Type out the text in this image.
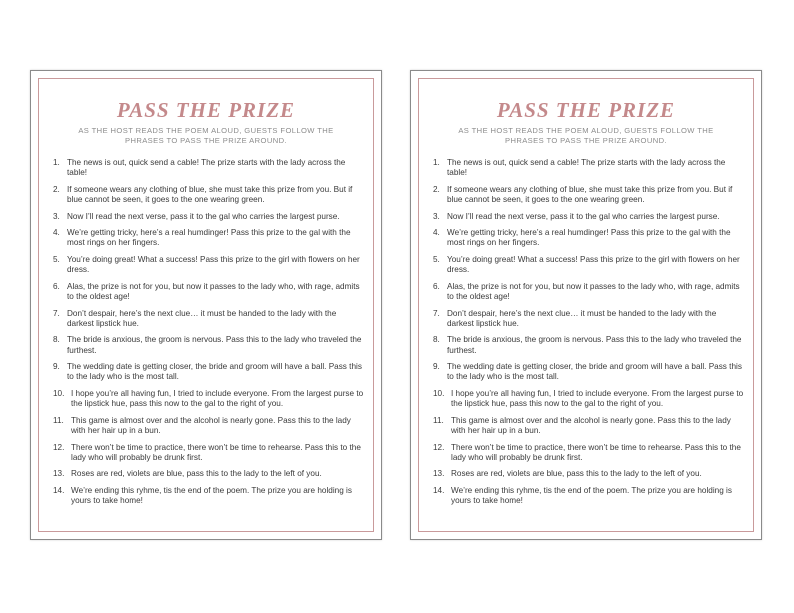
PASS THE PRIZE

AS THE HOST READS THE POEM ALOUD, GUESTS FOLLOW THE PHRASES TO PASS THE PRIZE AROUND.

1. The news is out, quick send a cable! The prize starts with the lady across the table!
2. If someone wears any clothing of blue, she must take this prize from you. But if blue cannot be seen, it goes to the one wearing green.
3. Now I’ll read the next verse, pass it to the gal who carries the largest purse.
4. We’re getting tricky, here’s a real humdinger! Pass this prize to the gal with the most rings on her fingers.
5. You’re doing great! What a success! Pass this prize to the girl with flowers on her dress.
6. Alas, the prize is not for you, but now it passes to the lady who, with rage, admits to the oldest age!
7. Don’t despair, here’s the next clue… it must be handed to the lady with the darkest lipstick hue.
8. The bride is anxious, the groom is nervous. Pass this to the lady who traveled the furthest.
9. The wedding date is getting closer, the bride and groom will have a ball. Pass this to the lady who is the most tall.
10. I hope you’re all having fun, I tried to include everyone. From the largest purse to the lipstick hue, pass this now to the gal to the right of you.
11. This game is almost over and the alcohol is nearly gone. Pass this to the lady with her hair up in a bun.
12. There won’t be time to practice, there won’t be time to rehearse. Pass this to the lady who will probably be drunk first.
13. Roses are red, violets are blue, pass this to the lady to the left of you.
14. We’re ending this ryhme, tis the end of the poem. The prize you are holding is yours to take home!
PASS THE PRIZE

AS THE HOST READS THE POEM ALOUD, GUESTS FOLLOW THE PHRASES TO PASS THE PRIZE AROUND.

1. The news is out, quick send a cable! The prize starts with the lady across the table!
2. If someone wears any clothing of blue, she must take this prize from you. But if blue cannot be seen, it goes to the one wearing green.
3. Now I’ll read the next verse, pass it to the gal who carries the largest purse.
4. We’re getting tricky, here’s a real humdinger! Pass this prize to the gal with the most rings on her fingers.
5. You’re doing great! What a success! Pass this prize to the girl with flowers on her dress.
6. Alas, the prize is not for you, but now it passes to the lady who, with rage, admits to the oldest age!
7. Don’t despair, here’s the next clue… it must be handed to the lady with the darkest lipstick hue.
8. The bride is anxious, the groom is nervous. Pass this to the lady who traveled the furthest.
9. The wedding date is getting closer, the bride and groom will have a ball. Pass this to the lady who is the most tall.
10. I hope you’re all having fun, I tried to include everyone. From the largest purse to the lipstick hue, pass this now to the gal to the right of you.
11. This game is almost over and the alcohol is nearly gone. Pass this to the lady with her hair up in a bun.
12. There won’t be time to practice, there won’t be time to rehearse. Pass this to the lady who will probably be drunk first.
13. Roses are red, violets are blue, pass this to the lady to the left of you.
14. We’re ending this ryhme, tis the end of the poem. The prize you are holding is yours to take home!
